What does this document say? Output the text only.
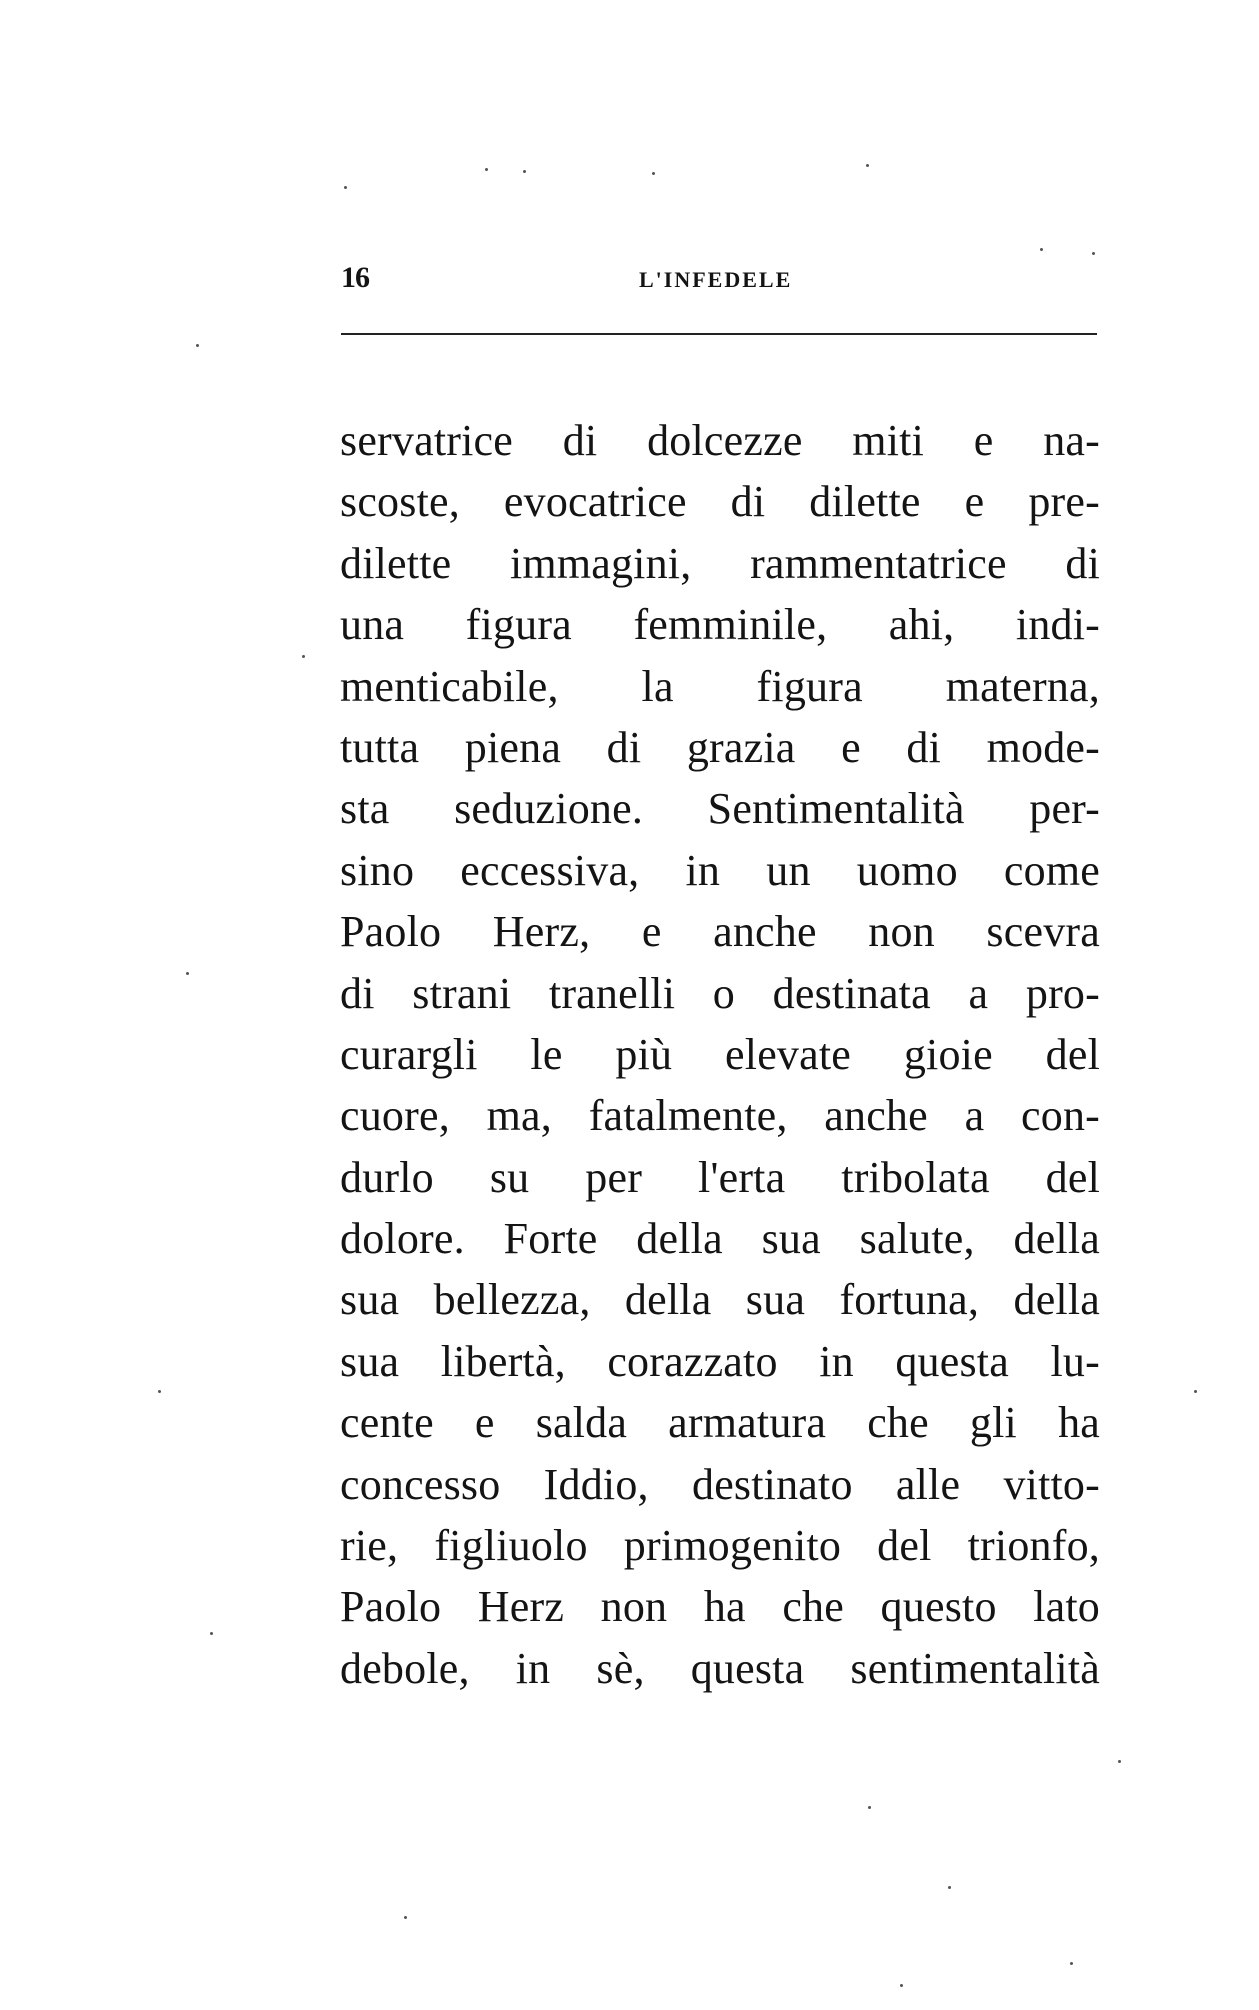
16	L'INFEDELE
servatrice di dolcezze miti e na-
scoste, evocatrice di dilette e pre-
dilette immagini, rammentatrice di
una figura femminile, ahi, indi-
menticabile, la figura materna,
tutta piena di grazia e di mode-
sta seduzione. Sentimentalità per-
sino eccessiva, in un uomo come
Paolo Herz, e anche non scevra
di strani tranelli o destinata a pro-
curargli le più elevate gioie del
cuore, ma, fatalmente, anche a con-
durlo su per l'erta tribolata del
dolore. Forte della sua salute, della
sua bellezza, della sua fortuna, della
sua libertà, corazzato in questa lu-
cente e salda armatura che gli ha
concesso Iddio, destinato alle vitto-
rie, figliuolo primogenito del trionfo,
Paolo Herz non ha che questo lato
debole, in sè, questa sentimentalità
